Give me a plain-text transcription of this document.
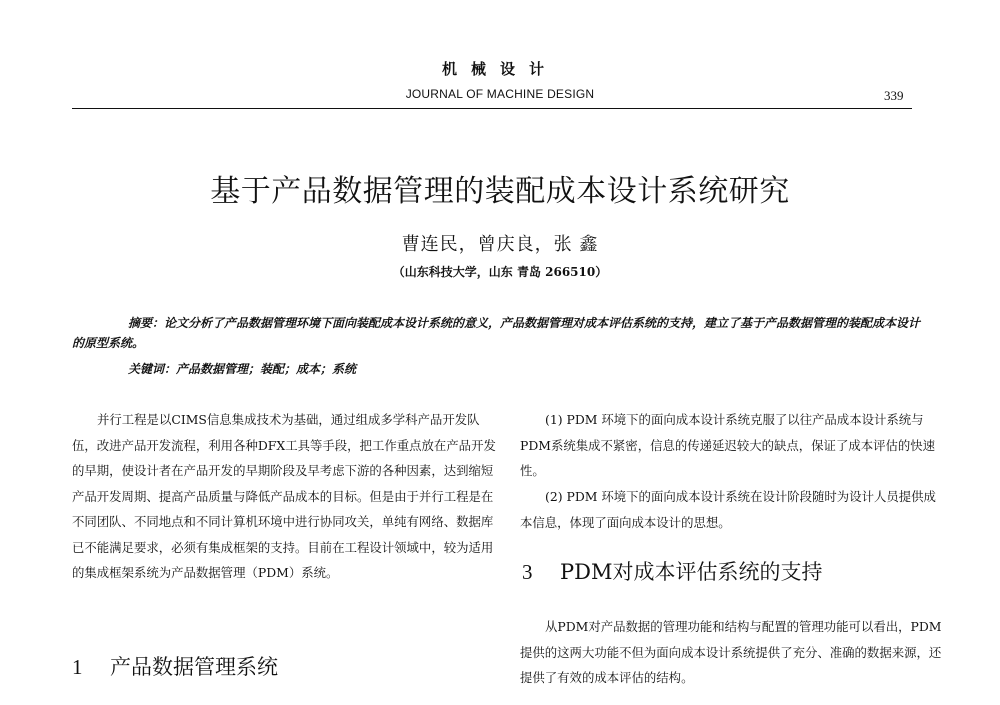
机械设计
JOURNAL OF MACHINE DESIGN	339
基于产品数据管理的装配成本设计系统研究
曹连民，曾庆良，张 鑫
（山东科技大学，山东 青岛 266510）

摘要：论文分析了产品数据管理环境下面向装配成本设计系统的意义，产品数据管理对成本评估系统的支持，建立了基于产品数据管理的装配成本设计的原型系统。

关键词：产品数据管理；装配；成本；系统

并行工程是以CIMS信息集成技术为基础，通过组成多学科产品开发队伍，改进产品开发流程，利用各种DFX工具等手段，把工作重点放在产品开发的早期，使设计者在产品开发的早期阶段及早考虑下游的各种因素，达到缩短产品开发周期、提高产品质量与降低产品成本的目标。但是由于并行工程是在不同团队、不同地点和不同计算机环境中进行协同攻关，单纯有网络、数据库已不能满足要求，必须有集成框架的支持。目前在工程设计领域中，较为适用的集成框架系统为产品数据管理（PDM）系统。

1 产品数据管理系统

(1) PDM 环境下的面向成本设计系统克服了以往产品成本设计系统与PDM系统集成不紧密，信息的传递延迟较大的缺点，保证了成本评估的快速性。

(2) PDM 环境下的面向成本设计系统在设计阶段随时为设计人员提供成本信息，体现了面向成本设计的思想。

3 PDM对成本评估系统的支持

从PDM对产品数据的管理功能和结构与配置的管理功能可以看出，PDM 提供的这两大功能不但为面向成本设计系统提供了充分、准确的数据来源，还提供了有效的成本评估的结构。
